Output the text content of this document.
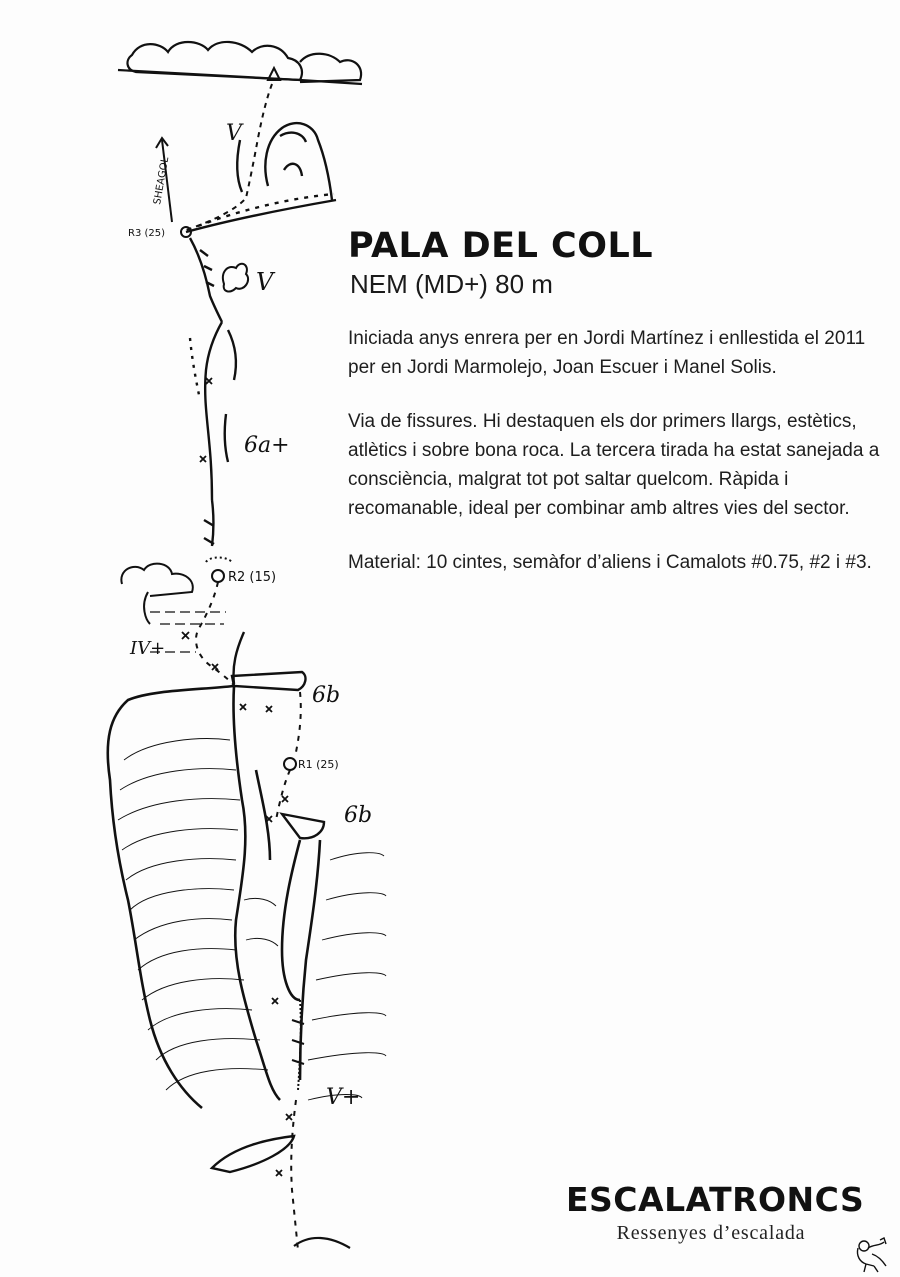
SHEAGOL
R3 (25)
R2 (15)
R1 (25)
V
V
6a+
IV+
6b
6b
V+
PALA DEL COLL
NEM (MD+) 80 m

Iniciada anys enrera per en Jordi Martínez i enllestida el 2011 per en Jordi Marmolejo, Joan Escuer i Manel Solis.

Via de fissures. Hi destaquen els dor primers llargs, estètics, atlètics i sobre bona roca. La tercera tirada ha estat sanejada a consciència, malgrat tot pot saltar quelcom. Ràpida i recomanable, ideal per combinar amb altres vies del sector.

Material: 10 cintes, semàfor d’aliens i Camalots #0.75, #2 i #3.

ESCALATRONCS
Ressenyes d’escalada
